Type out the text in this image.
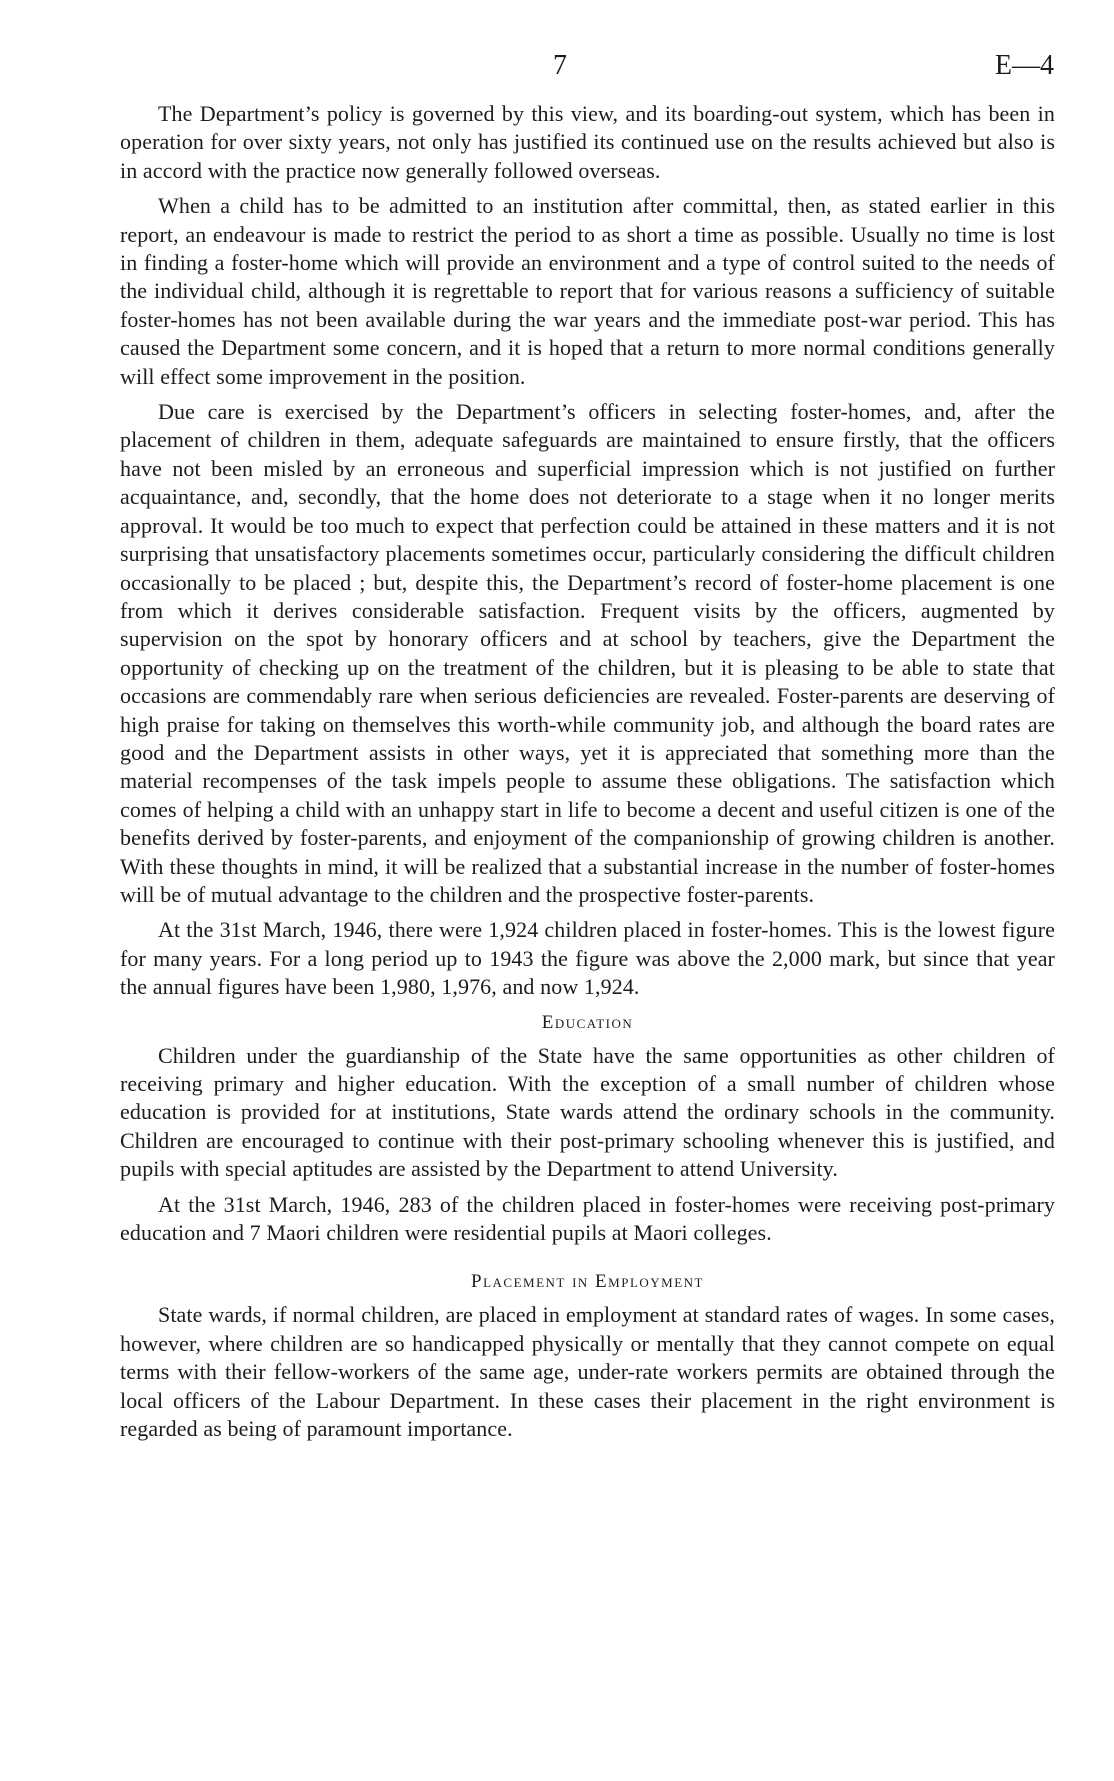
7	E—4

The Department’s policy is governed by this view, and its boarding-out system, which has been in operation for over sixty years, not only has justified its continued use on the results achieved but also is in accord with the practice now generally followed overseas.

When a child has to be admitted to an institution after committal, then, as stated earlier in this report, an endeavour is made to restrict the period to as short a time as possible. Usually no time is lost in finding a foster-home which will provide an environment and a type of control suited to the needs of the individual child, although it is regrettable to report that for various reasons a sufficiency of suitable foster-homes has not been available during the war years and the immediate post-war period. This has caused the Department some concern, and it is hoped that a return to more normal conditions generally will effect some improvement in the position.

Due care is exercised by the Department’s officers in selecting foster-homes, and, after the placement of children in them, adequate safeguards are maintained to ensure firstly, that the officers have not been misled by an erroneous and superficial impression which is not justified on further acquaintance, and, secondly, that the home does not deteriorate to a stage when it no longer merits approval. It would be too much to expect that perfection could be attained in these matters and it is not surprising that unsatisfactory placements sometimes occur, particularly considering the difficult children occasionally to be placed ; but, despite this, the Department’s record of foster-home placement is one from which it derives considerable satisfaction. Frequent visits by the officers, augmented by supervision on the spot by honorary officers and at school by teachers, give the Department the opportunity of checking up on the treatment of the children, but it is pleasing to be able to state that occasions are commendably rare when serious deficiencies are revealed. Foster-parents are deserving of high praise for taking on themselves this worth-while community job, and although the board rates are good and the Department assists in other ways, yet it is appreciated that something more than the material recompenses of the task impels people to assume these obligations. The satisfaction which comes of helping a child with an unhappy start in life to become a decent and useful citizen is one of the benefits derived by foster-parents, and enjoyment of the companionship of growing children is another. With these thoughts in mind, it will be realized that a substantial increase in the number of foster-homes will be of mutual advantage to the children and the prospective foster-parents.

At the 31st March, 1946, there were 1,924 children placed in foster-homes. This is the lowest figure for many years. For a long period up to 1943 the figure was above the 2,000 mark, but since that year the annual figures have been 1,980, 1,976, and now 1,924.

Education

Children under the guardianship of the State have the same opportunities as other children of receiving primary and higher education. With the exception of a small number of children whose education is provided for at institutions, State wards attend the ordinary schools in the community. Children are encouraged to continue with their post-primary schooling whenever this is justified, and pupils with special aptitudes are assisted by the Department to attend University.

At the 31st March, 1946, 283 of the children placed in foster-homes were receiving post-primary education and 7 Maori children were residential pupils at Maori colleges.

Placement in Employment

State wards, if normal children, are placed in employment at standard rates of wages. In some cases, however, where children are so handicapped physically or mentally that they cannot compete on equal terms with their fellow-workers of the same age, under-rate workers permits are obtained through the local officers of the Labour Department. In these cases their placement in the right environment is regarded as being of paramount importance.
